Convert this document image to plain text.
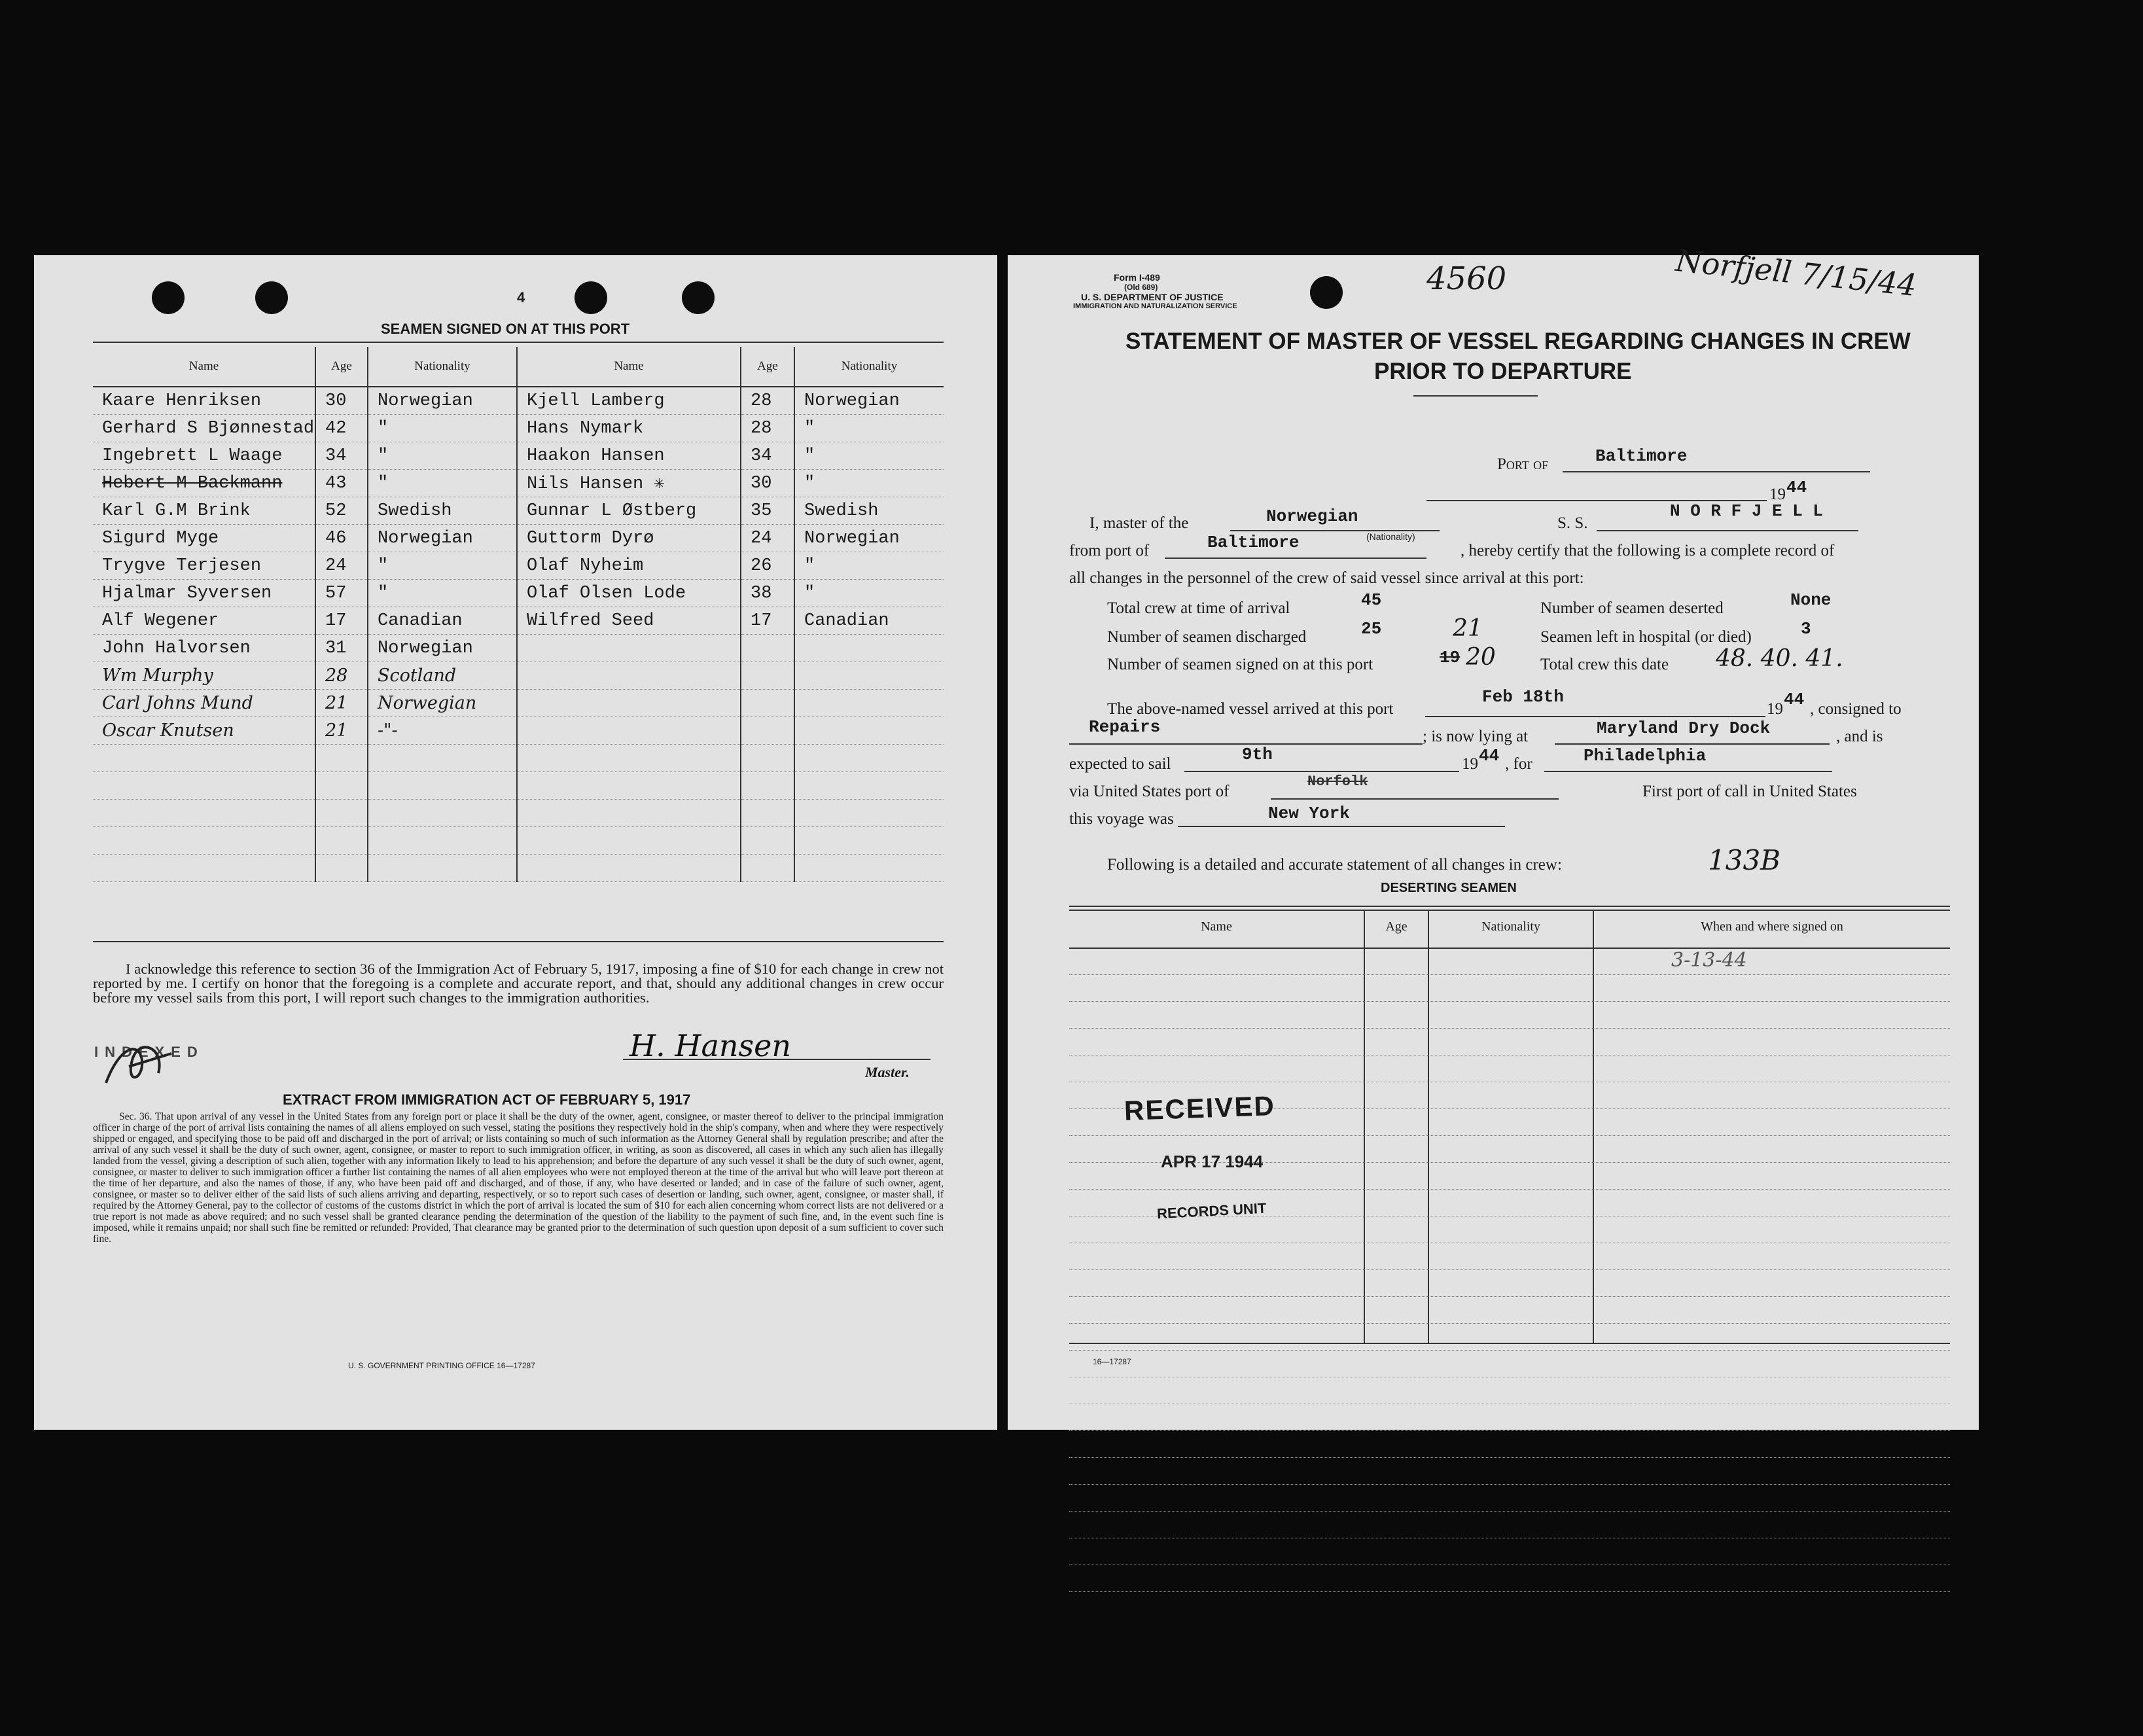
4
SEAMEN SIGNED ON AT THIS PORT
Name	Age	Nationality	Name	Age	Nationality
Kaare Henriksen	30	Norwegian	Kjell Lamberg	28	Norwegian
Gerhard S Bjønnestad	42	"	Hans Nymark	28	"
Ingebrett L Waage	34	"	Haakon Hansen	34	"
Hebert M Backmann	43	"	Nils Hansen ✳	30	"
Karl G.M Brink	52	Swedish	Gunnar L Østberg	35	Swedish
Sigurd Myge	46	Norwegian	Guttorm Dyrø	24	Norwegian
Trygve Terjesen	24	"	Olaf Nyheim	26	"
Hjalmar Syversen	57	"	Olaf Olsen Lode	38	"
Alf Wegener	17	Canadian	Wilfred Seed	17	Canadian
John Halvorsen	31	Norwegian			
Wm Murphy	28	Scotland			
Carl Johns Mund	21	Norwegian			
Oscar Knutsen	21	-"-			

I acknowledge this reference to section 36 of the Immigration Act of February 5, 1917, imposing a fine of $10 for each change in crew not reported by me. I certify on honor that the foregoing is a complete and accurate report, and that, should any additional changes in crew occur before my vessel sails from this port, I will report such changes to the immigration authorities.
INDEXED	H. Hansen
Master.
EXTRACT FROM IMMIGRATION ACT OF FEBRUARY 5, 1917
Sec. 36. That upon arrival of any vessel in the United States from any foreign port or place it shall be the duty of the owner, agent, consignee, or master thereof to deliver to the principal immigration officer in charge of the port of arrival lists containing the names of all aliens employed on such vessel, stating the positions they respectively hold in the ship's company, when and where they were respectively shipped or engaged, and specifying those to be paid off and discharged in the port of arrival; or lists containing so much of such information as the Attorney General shall by regulation prescribe; and after the arrival of any such vessel it shall be the duty of such owner, agent, consignee, or master to report to such immigration officer, in writing, as soon as discovered, all cases in which any such alien has illegally landed from the vessel, giving a description of such alien, together with any information likely to lead to his apprehension; and before the departure of any such vessel it shall be the duty of such owner, agent, consignee, or master to deliver to such immigration officer a further list containing the names of all alien employees who were not employed thereon at the time of the arrival but who will leave port thereon at the time of her departure, and also the names of those, if any, who have been paid off and discharged, and of those, if any, who have deserted or landed; and in case of the failure of such owner, agent, consignee, or master so to deliver either of the said lists of such aliens arriving and departing, respectively, or so to report such cases of desertion or landing, such owner, agent, consignee, or master shall, if required by the Attorney General, pay to the collector of customs of the customs district in which the port of arrival is located the sum of $10 for each alien concerning whom correct lists are not delivered or a true report is not made as above required; and no such vessel shall be granted clearance pending the determination of the question of the liability to the payment of such fine, and, in the event such fine is imposed, while it remains unpaid; nor shall such fine be remitted or refunded: Provided, That clearance may be granted prior to the determination of such question upon deposit of a sum sufficient to cover such fine.
U. S. GOVERNMENT PRINTING OFFICE 16—17287
Form I-489
(Old 689)
U. S. DEPARTMENT OF JUSTICE
IMMIGRATION AND NATURALIZATION SERVICE
4560	Norfjell 7/15/44
STATEMENT OF MASTER OF VESSEL REGARDING CHANGES IN CREW
PRIOR TO DEPARTURE
Port of	Baltimore
19 44
I, master of the	Norwegian
(Nationality)
S. S.
N O R F J E L L
from port of	Baltimore	, hereby certify that the following is a complete record of
all changes in the personnel of the crew of said vessel since arrival at this port:
Total crew at time of arrival	45	Number of seamen deserted	None
Number of seamen discharged	25	21	Seamen left in hospital (or died)	3
Number of seamen signed on at this port	19 20	Total crew this date 48. 40. 41.
The above-named vessel arrived at this port
Feb 18th
19 44 , consigned to
Repairs	; is now lying at	Maryland Dry Dock	, and is
expected to sail	9th	19 44 , for	Philadelphia
via United States port of
Norfolk
First port of call in United States
this voyage was	New York
Following is a detailed and accurate statement of all changes in crew:	133B
DESERTING SEAMEN
Name	Age	Nationality	When and where signed on
3-13-44
RECEIVED
APR 17 1944
RECORDS UNIT
16—17287
